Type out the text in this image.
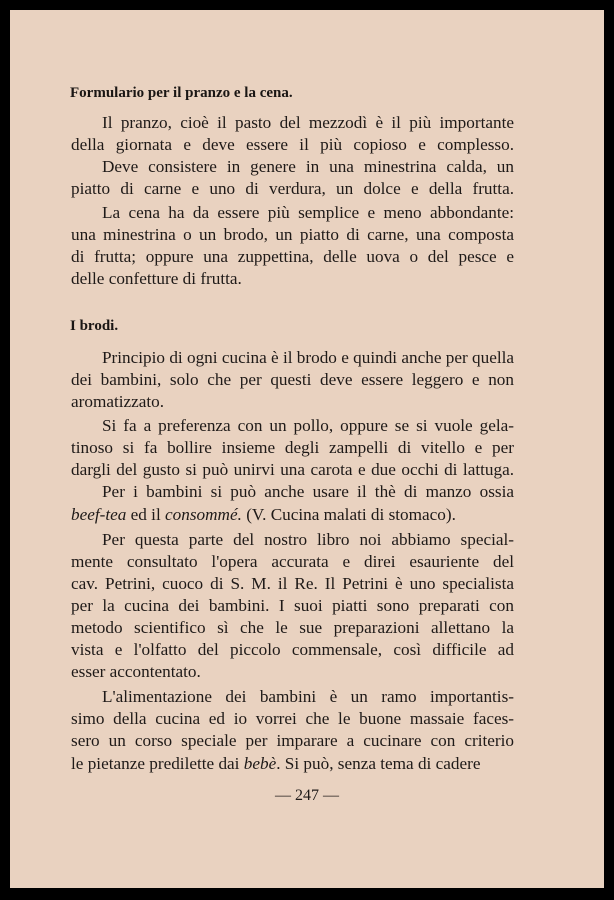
Formulario per il pranzo e la cena.

Il pranzo, cioè il pasto del mezzodì è il più importante

della giornata e deve essere il più copioso e complesso.

Deve consistere in genere in una minestrina calda, un

piatto di carne e uno di verdura, un dolce e della frutta.

La cena ha da essere più semplice e meno abbondante:

una minestrina o un brodo, un piatto di carne, una composta

di frutta; oppure una zuppettina, delle uova o del pesce e

delle confetture di frutta.

I brodi.

Principio di ogni cucina è il brodo e quindi anche per quella

dei bambini, solo che per questi deve essere leggero e non

aromatizzato.

Si fa a preferenza con un pollo, oppure se si vuole gela-

tinoso si fa bollire insieme degli zampelli di vitello e per

dargli del gusto si può unirvi una carota e due occhi di lattuga.

Per i bambini si può anche usare il thè di manzo ossia

beef-tea ed il consommé. (V. Cucina malati di stomaco).

Per questa parte del nostro libro noi abbiamo special-

mente consultato l'opera accurata e direi esauriente del

cav. Petrini, cuoco di S. M. il Re. Il Petrini è uno specialista

per la cucina dei bambini. I suoi piatti sono preparati con

metodo scientifico sì che le sue preparazioni allettano la

vista e l'olfatto del piccolo commensale, così difficile ad

esser accontentato.

L'alimentazione dei bambini è un ramo importantis-

simo della cucina ed io vorrei che le buone massaie faces-

sero un corso speciale per imparare a cucinare con criterio

le pietanze predilette dai bebè. Si può, senza tema di cadere

— 247 —
